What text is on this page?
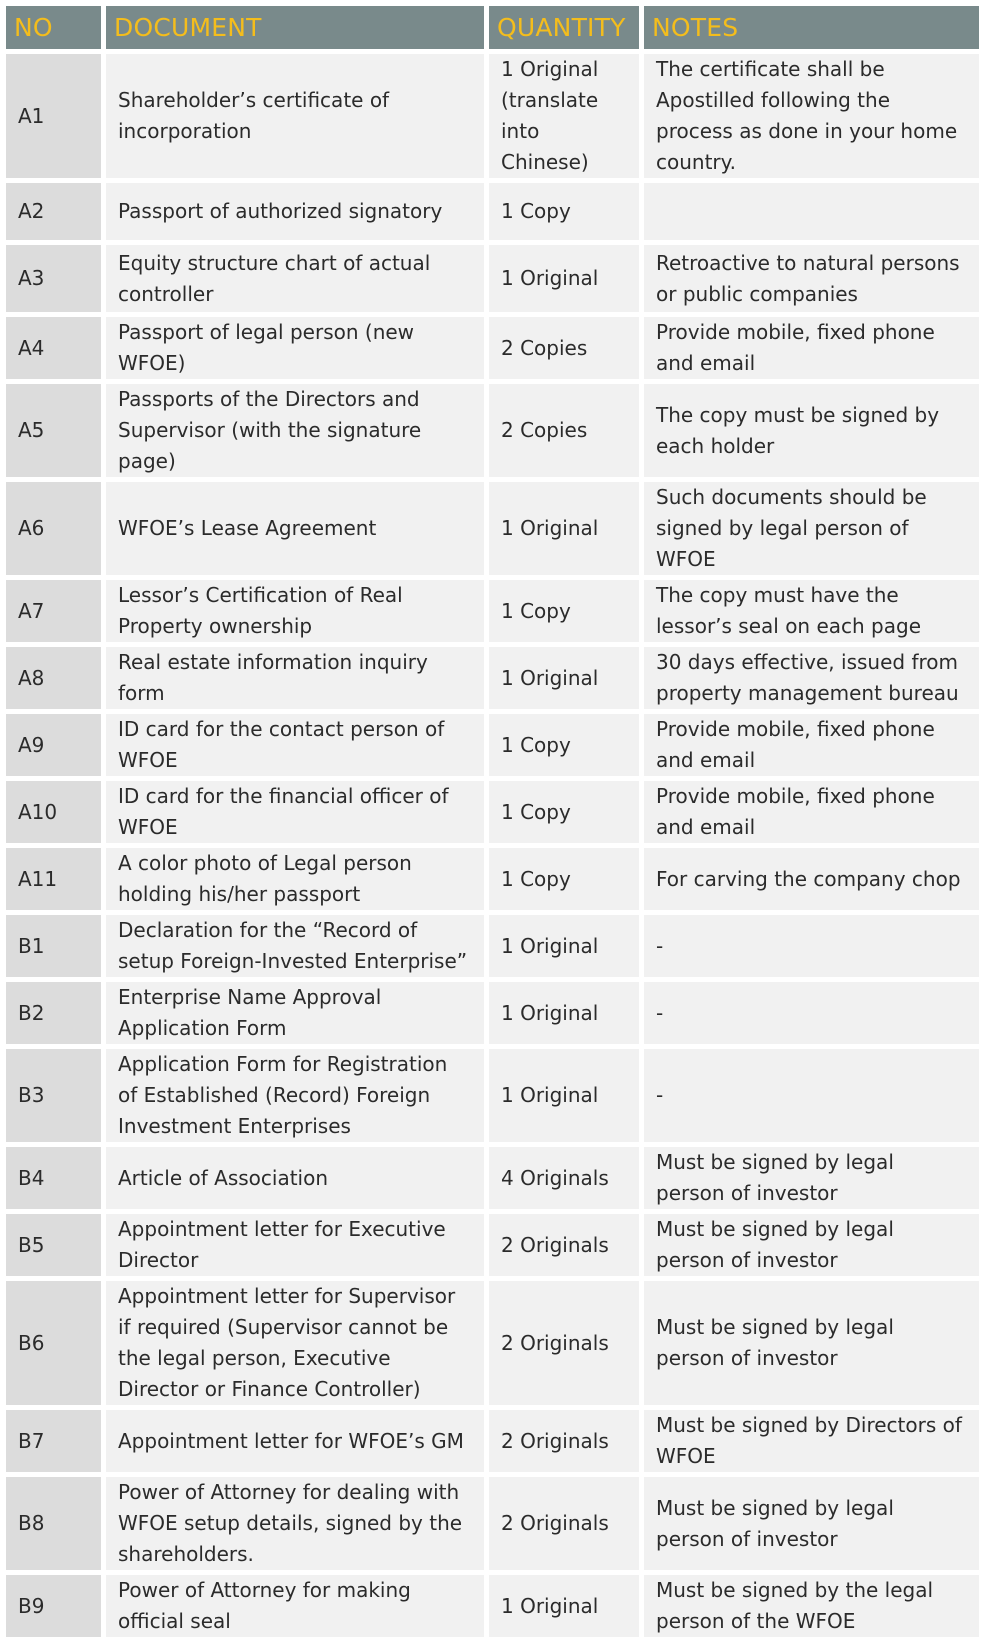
NO	DOCUMENT	QUANTITY	NOTES
A1	Shareholder’s certificate of incorporation	1 Original (translate into Chinese)	The certificate shall be Apostilled following the process as done in your home country.
A2	Passport of authorized signatory	1 Copy	
A3	Equity structure chart of actual controller	1 Original	Retroactive to natural persons or public companies
A4	Passport of legal person (new WFOE)	2 Copies	Provide mobile, fixed phone and email
A5	Passports of the Directors and Supervisor (with the signature page)	2 Copies	The copy must be signed by each holder
A6	WFOE’s Lease Agreement	1 Original	Such documents should be signed by legal person of WFOE
A7	Lessor’s Certification of Real Property ownership	1 Copy	The copy must have the lessor’s seal on each page
A8	Real estate information inquiry form	1 Original	30 days effective, issued from property management bureau
A9	ID card for the contact person of WFOE	1 Copy	Provide mobile, fixed phone and email
A10	ID card for the financial officer of WFOE	1 Copy	Provide mobile, fixed phone and email
A11	A color photo of Legal person holding his/her passport	1 Copy	For carving the company chop
B1	Declaration for the “Record of setup Foreign-Invested Enterprise”	1 Original	-
B2	Enterprise Name Approval Application Form	1 Original	-
B3	Application Form for Registration of Established (Record) Foreign Investment Enterprises	1 Original	-
B4	Article of Association	4 Originals	Must be signed by legal person of investor
B5	Appointment letter for Executive Director	2 Originals	Must be signed by legal person of investor
B6	Appointment letter for Supervisor if required (Supervisor cannot be the legal person, Executive Director or Finance Controller)	2 Originals	Must be signed by legal person of investor
B7	Appointment letter for WFOE’s GM	2 Originals	Must be signed by Directors of WFOE
B8	Power of Attorney for dealing with WFOE setup details, signed by the shareholders.	2 Originals	Must be signed by legal person of investor
B9	Power of Attorney for making official seal	1 Original	Must be signed by the legal person of the WFOE
